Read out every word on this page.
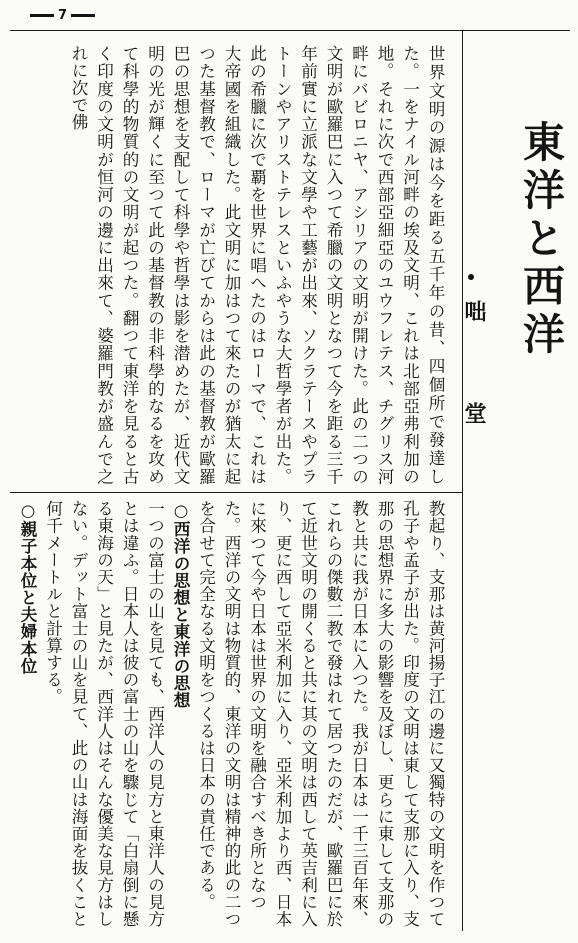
7
東洋と西洋
咄堂
世界文明の源は今を距る五千年の昔、四個所で發達した。一をナイル河畔の埃及文明、これは北部亞弗利加の地。それに次で西部亞細亞のユウフレテス、チグリス河畔にバビロニヤ、アシリアの文明が開けた。此の二つの文明が歐羅巴に入つて希臘の文明となつて今を距る三千年前實に立派な文學や工藝が出來、ソクラテースやプラトーンやアリストテレスといふやうな大哲學者が出た。此の希臘に次で覇を世界に唱へたのはローマで、これは大帝國を組織した。此文明に加はつて來たのが猶太に起つた基督教で、ローマが亡びてからは此の基督教が歐羅巴の思想を支配して科學や哲學は影を潜めたが、近代文明の光が輝くに至つて此の基督教の非科學的なるを攻めて科學的物質的の文明が起つた。翻つて東洋を見ると古く印度の文明が恒河の邊に出來て、婆羅門教が盛んで之れに次で佛

教起り、支那は黄河揚子江の邊に又獨特の文明を作つて孔子や孟子が出た。印度の文明は東して支那に入り、支那の思想界に多大の影響を及ぼし、更らに東して支那の教と共に我が日本に入つた。我が日本は一千三百年來、これらの傑數二教で發はれて居つたのだが、歐羅巴に於て近世文明の開くると共に其の文明は西して英吉利に入り、更に西して亞米利加に入り、亞米利加より西、日本に來つて今や日本は世界の文明を融合すべき所となつた。西洋の文明は物質的、東洋の文明は精神的此の二つを合せて完全なる文明をつくるは日本の責任である。

○西洋の思想と東洋の思想

一つの富士の山を見ても、西洋人の見方と東洋人の見方とは違ふ。日本人は彼の富士の山を驟じて「白扇倒に懸る東海の天」と見たが、西洋人はそんな優美な見方はしない。デット富士の山を見て、此の山は海面を抜くこと何千メートルと計算する。

○親子本位と夫婦本位
